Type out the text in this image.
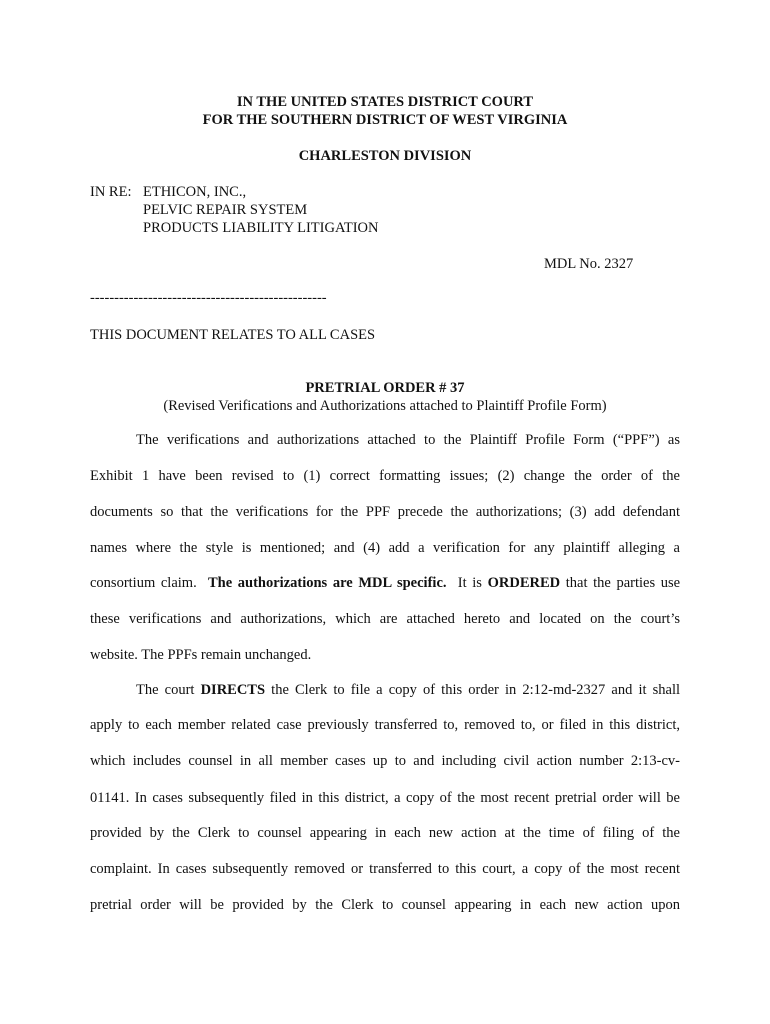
IN THE UNITED STATES DISTRICT COURT
FOR THE SOUTHERN DISTRICT OF WEST VIRGINIA
CHARLESTON DIVISION
IN RE: ETHICON, INC.,
PELVIC REPAIR SYSTEM
PRODUCTS LIABILITY LITIGATION
MDL No. 2327
-------------------------------------------------
THIS DOCUMENT RELATES TO ALL CASES
PRETRIAL ORDER # 37
(Revised Verifications and Authorizations attached to Plaintiff Profile Form)
The verifications and authorizations attached to the Plaintiff Profile Form (“PPF”) as
Exhibit 1 have been revised to (1) correct formatting issues; (2) change the order of the
documents so that the verifications for the PPF precede the authorizations; (3) add defendant
names where the style is mentioned; and (4) add a verification for any plaintiff alleging a
consortium claim. The authorizations are MDL specific. It is ORDERED that the parties use
these verifications and authorizations, which are attached hereto and located on the court’s
website. The PPFs remain unchanged.
The court DIRECTS the Clerk to file a copy of this order in 2:12-md-2327 and it shall
apply to each member related case previously transferred to, removed to, or filed in this district,
which includes counsel in all member cases up to and including civil action number 2:13-cv-
01141. In cases subsequently filed in this district, a copy of the most recent pretrial order will be
provided by the Clerk to counsel appearing in each new action at the time of filing of the
complaint. In cases subsequently removed or transferred to this court, a copy of the most recent
pretrial order will be provided by the Clerk to counsel appearing in each new action upon
